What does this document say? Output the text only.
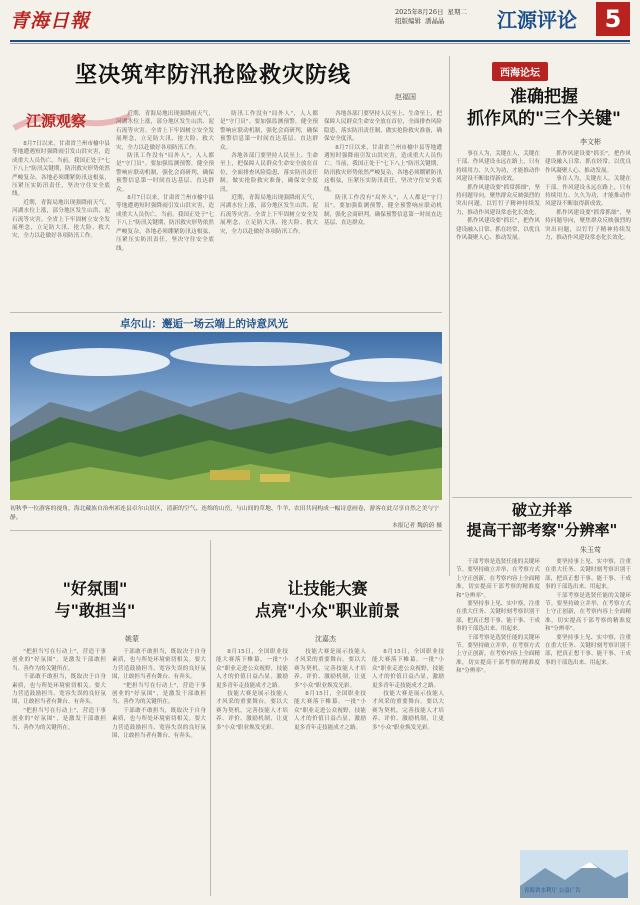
青海日報	2025年8月26日 星期二
组版编辑 潘晶晶	江源评论	5
坚决筑牢防汛抢险救灾防线
赵福国
江源观察

8月7日以来，甘肃省兰州市榆中县等地遭遇短时强降雨引发山洪灾害，造成重大人员伤亡。当前，我国正处于"七下八上"防汛关键期，防汛救灾形势依然严峻复杂，各地必须绷紧防汛这根弦，压紧压实防汛责任，坚决守住安全底线。

近期，青海局地出现强降雨天气，河湖水位上涨，部分地区发生山洪、泥石流等灾害。全省上下牢固树立安全发展理念，立足防大汛、抢大险、救大灾，全力以赴做好各项防汛工作。

近期，青海局地出现强降雨天气，河湖水位上涨，部分地区发生山洪、泥石流等灾害。全省上下牢固树立安全发展理念，立足防大汛、抢大险、救大灾，全力以赴做好各项防汛工作。

防汛工作没有"局外人"，人人都是"守门员"。要加强监测预警，健全预警响应联动机制，强化会商研判，确保预警信息第一时间直达基层、直达群众。

8月7日以来，甘肃省兰州市榆中县等地遭遇短时强降雨引发山洪灾害，造成重大人员伤亡。当前，我国正处于"七下八上"防汛关键期，防汛救灾形势依然严峻复杂，各地必须绷紧防汛这根弦，压紧压实防汛责任，坚决守住安全底线。

防汛工作没有"局外人"，人人都是"守门员"。要加强监测预警，健全预警响应联动机制，强化会商研判，确保预警信息第一时间直达基层、直达群众。

各地各部门要坚持人民至上、生命至上，把保障人民群众生命安全放在首位，全面排查风险隐患，落实防汛责任制，做实抢险救灾准备，确保安全度汛。

近期，青海局地出现强降雨天气，河湖水位上涨，部分地区发生山洪、泥石流等灾害。全省上下牢固树立安全发展理念，立足防大汛、抢大险、救大灾，全力以赴做好各项防汛工作。

各地各部门要坚持人民至上、生命至上，把保障人民群众生命安全放在首位，全面排查风险隐患，落实防汛责任制，做实抢险救灾准备，确保安全度汛。

8月7日以来，甘肃省兰州市榆中县等地遭遇短时强降雨引发山洪灾害，造成重大人员伤亡。当前，我国正处于"七下八上"防汛关键期，防汛救灾形势依然严峻复杂，各地必须绷紧防汛这根弦，压紧压实防汛责任，坚决守住安全底线。

防汛工作没有"局外人"，人人都是"守门员"。要加强监测预警，健全预警响应联动机制，强化会商研判，确保预警信息第一时间直达基层、直达群众。

西海论坛
准确把握
抓作风的"三个关键"
李文彬

事在人为，关键在人，关键在干部。作风建设永远在路上，只有持续用力、久久为功，才能推动作风建设不断取得新成效。

抓作风建设要"抓常抓细"，坚持问题导向，聚焦群众反映强烈的突出问题，以钉钉子精神持续发力，推动作风建设常态化长效化。

抓作风建设要"抓长"，把作风建设融入日常、抓在经常，以优良作风凝聚人心、推动发展。

抓作风建设要"抓长"，把作风建设融入日常、抓在经常，以优良作风凝聚人心、推动发展。

事在人为，关键在人，关键在干部。作风建设永远在路上，只有持续用力、久久为功，才能推动作风建设不断取得新成效。

抓作风建设要"抓常抓细"，坚持问题导向，聚焦群众反映强烈的突出问题，以钉钉子精神持续发力，推动作风建设常态化长效化。

破立并举
提高干部考察"分辨率"
朱玉莺

干部考察是选贤任能的关键环节。要坚持破立并举，在考察方式上守正创新，在考察内容上全面精准，切实提高干部考察的精准度和"分辨率"。

要坚持事上见、实中察，注重在重大任务、关键时刻考察识别干部，把真正想干事、能干事、干成事的干部选出来、用起来。

干部考察是选贤任能的关键环节。要坚持破立并举，在考察方式上守正创新，在考察内容上全面精准，切实提高干部考察的精准度和"分辨率"。

要坚持事上见、实中察，注重在重大任务、关键时刻考察识别干部，把真正想干事、能干事、干成事的干部选出来、用起来。

干部考察是选贤任能的关键环节。要坚持破立并举，在考察方式上守正创新，在考察内容上全面精准，切实提高干部考察的精准度和"分辨率"。

要坚持事上见、实中察，注重在重大任务、关键时刻考察识别干部，把真正想干事、能干事、干成事的干部选出来、用起来。

卓尔山：邂逅一场云端上的诗意风光
初秋季一位游客的视角，海北藏族自治州祁连县卓尔山景区，清新的空气、连绵的山峦，与山间的草地、牛羊、农田共同构成一幅诗意画卷，游客在此尽享自然之美与宁静。
本报记者 魏蔚蔚 摄
"好氛围"
与"敢担当"
姚蒙

"把担当写在行动上"，营造干事创业的"好氛围"，是激发干部敢担当、善作为的关键所在。

干部敢不敢担当，既取决于自身素质，也与所处环境密切相关。要大力营造鼓励担当、宽容失误的良好氛围，让敢担当者有舞台、有奔头。

"把担当写在行动上"，营造干事创业的"好氛围"，是激发干部敢担当、善作为的关键所在。

干部敢不敢担当，既取决于自身素质，也与所处环境密切相关。要大力营造鼓励担当、宽容失误的良好氛围，让敢担当者有舞台、有奔头。

"把担当写在行动上"，营造干事创业的"好氛围"，是激发干部敢担当、善作为的关键所在。

干部敢不敢担当，既取决于自身素质，也与所处环境密切相关。要大力营造鼓励担当、宽容失误的良好氛围，让敢担当者有舞台、有奔头。

让技能大赛
点亮"小众"职业前景
沈嘉杰

8月15日，全国职业技能大赛落下帷幕。一批"小众"职业走进公众视野，技能人才的价值日益凸显，激励更多青年走技能成才之路。

技能大赛是展示技能人才风采的重要舞台。要以大赛为契机，完善技能人才培养、评价、激励机制，让更多"小众"职业焕发光彩。

技能大赛是展示技能人才风采的重要舞台。要以大赛为契机，完善技能人才培养、评价、激励机制，让更多"小众"职业焕发光彩。

8月15日，全国职业技能大赛落下帷幕。一批"小众"职业走进公众视野，技能人才的价值日益凸显，激励更多青年走技能成才之路。

8月15日，全国职业技能大赛落下帷幕。一批"小众"职业走进公众视野，技能人才的价值日益凸显，激励更多青年走技能成才之路。

技能大赛是展示技能人才风采的重要舞台。要以大赛为契机，完善技能人才培养、评价、激励机制，让更多"小众"职业焕发光彩。

青海省水利厅 公益广告
